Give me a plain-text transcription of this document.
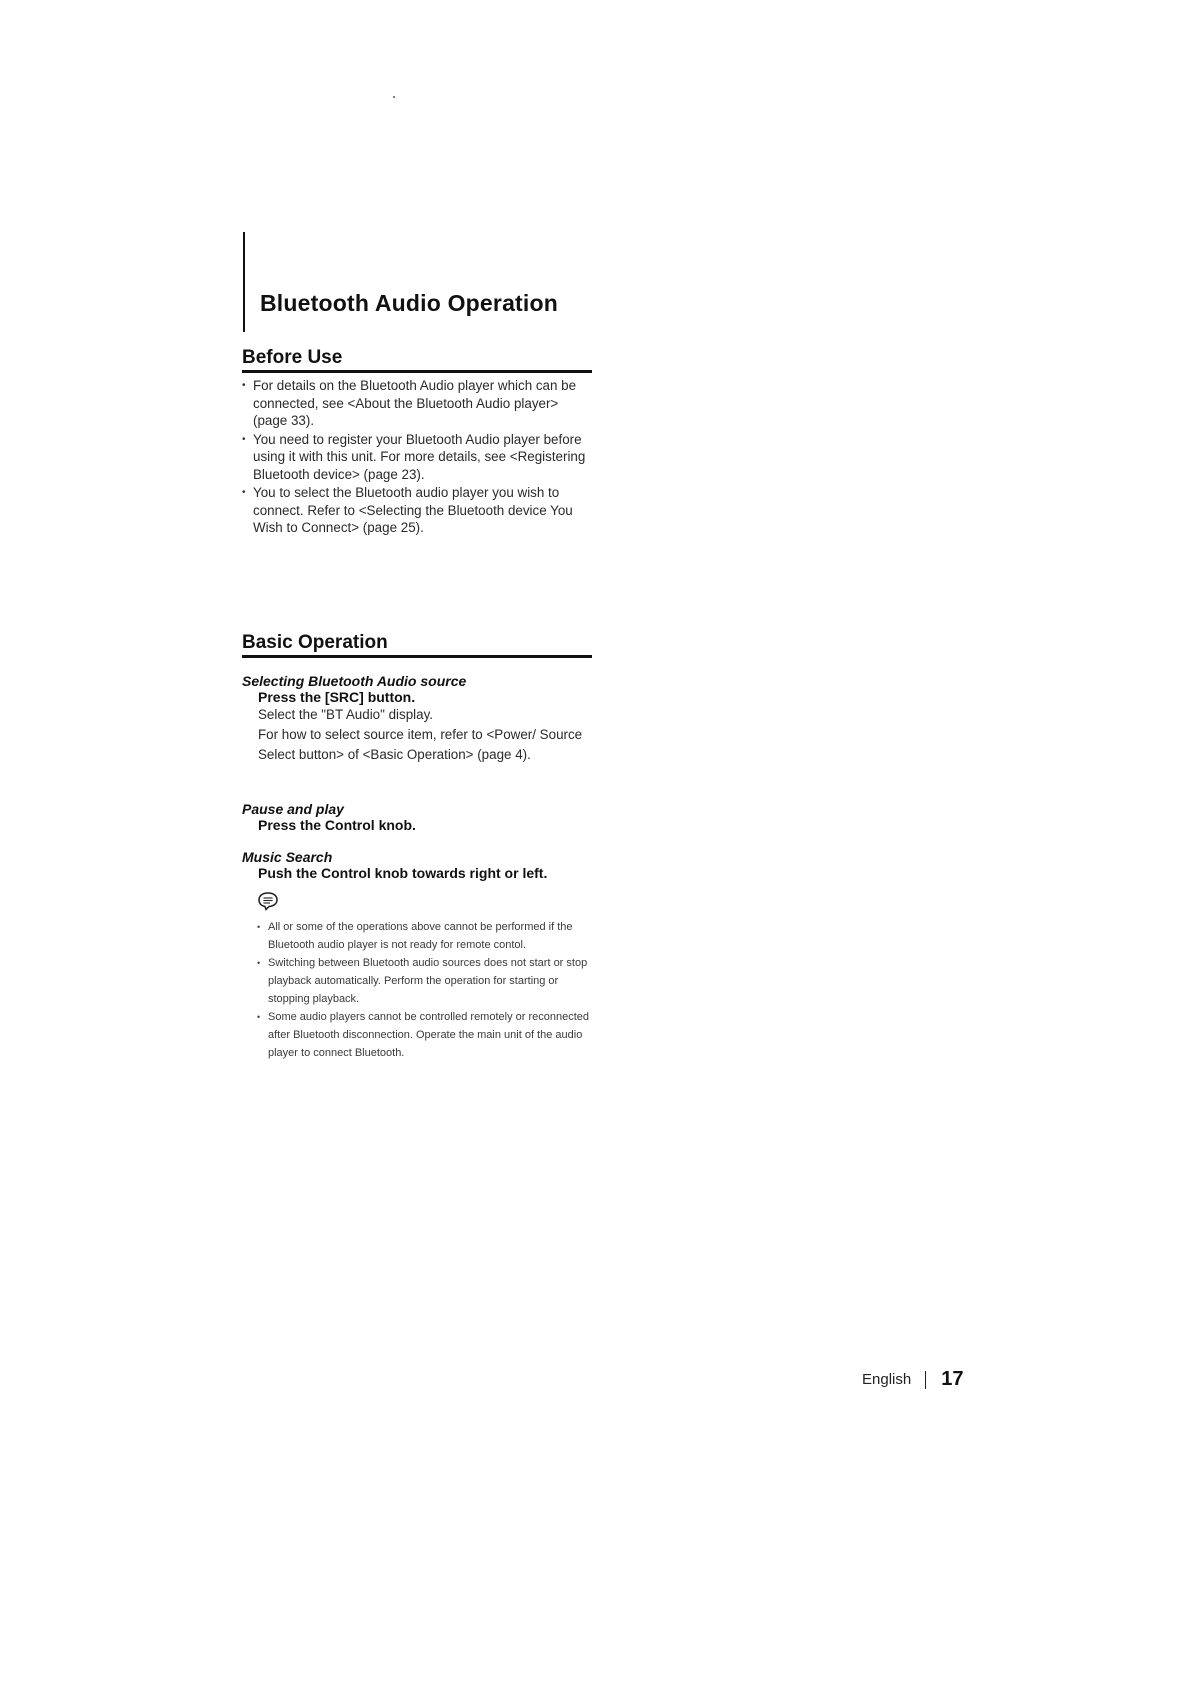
Bluetooth Audio Operation
Before Use
• For details on the Bluetooth Audio player which can be connected, see <About the Bluetooth Audio player> (page 33).
• You need to register your Bluetooth Audio player before using it with this unit. For more details, see <Registering Bluetooth device> (page 23).
• You to select the Bluetooth audio player you wish to connect. Refer to <Selecting the Bluetooth device You Wish to Connect> (page 25).
Basic Operation
Selecting Bluetooth Audio source
Press the [SRC] button.
Select the "BT Audio" display.
For how to select source item, refer to <Power/ Source Select button> of <Basic Operation> (page 4).
Pause and play
Press the Control knob.
Music Search
Push the Control knob towards right or left.
• All or some of the operations above cannot be performed if the Bluetooth audio player is not ready for remote contol.
• Switching between Bluetooth audio sources does not start or stop playback automatically. Perform the operation for starting or stopping playback.
• Some audio players cannot be controlled remotely or reconnected after Bluetooth disconnection. Operate the main unit of the audio player to connect Bluetooth.
English 17
